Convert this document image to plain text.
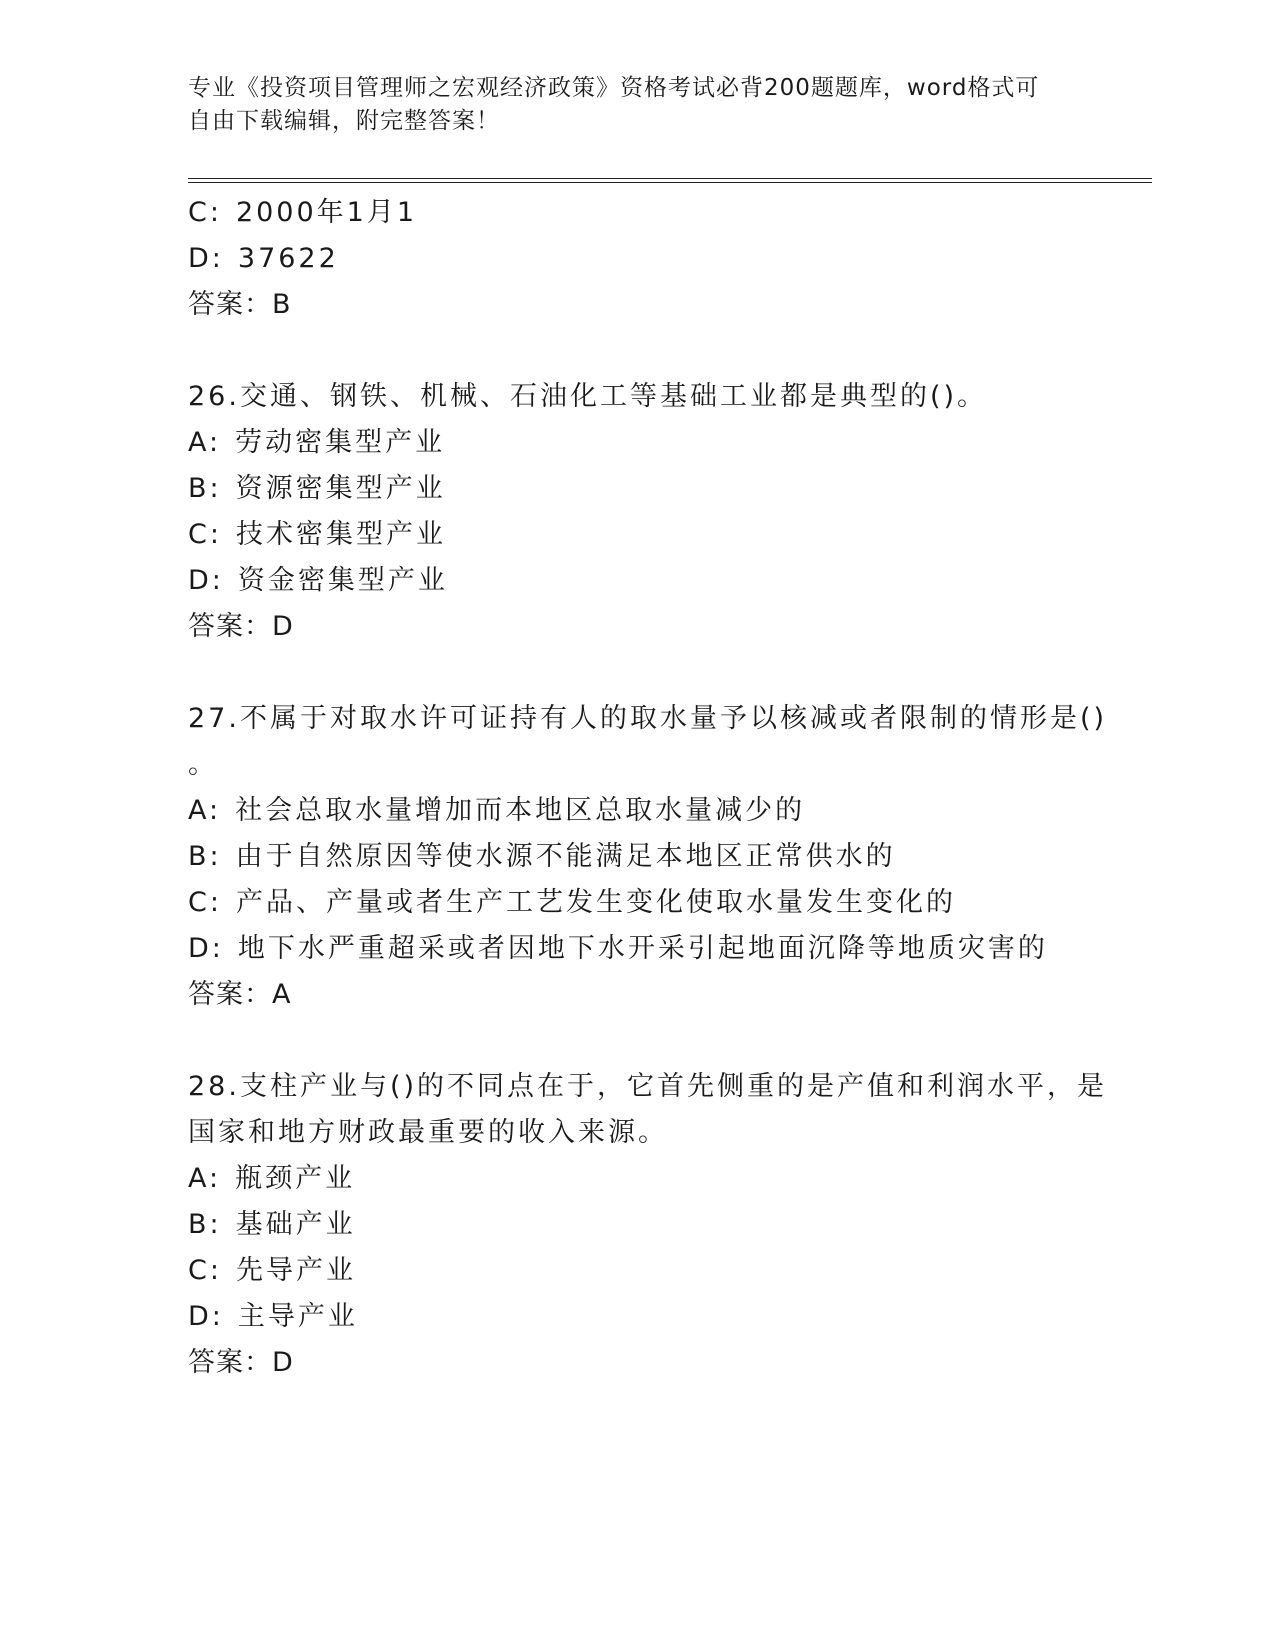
专业《投资项目管理师之宏观经济政策》资格考试必背200题题库，word格式可
自由下载编辑，附完整答案！
C: 2000年1月1
D: 37622
答案：B
26.交通、钢铁、机械、石油化工等基础工业都是典型的()。
A: 劳动密集型产业
B: 资源密集型产业
C: 技术密集型产业
D: 资金密集型产业
答案：D
27.不属于对取水许可证持有人的取水量予以核减或者限制的情形是()
。
A: 社会总取水量增加而本地区总取水量减少的
B: 由于自然原因等使水源不能满足本地区正常供水的
C: 产品、产量或者生产工艺发生变化使取水量发生变化的
D: 地下水严重超采或者因地下水开采引起地面沉降等地质灾害的
答案：A
28.支柱产业与()的不同点在于，它首先侧重的是产值和利润水平，是
国家和地方财政最重要的收入来源。
A: 瓶颈产业
B: 基础产业
C: 先导产业
D: 主导产业
答案：D
